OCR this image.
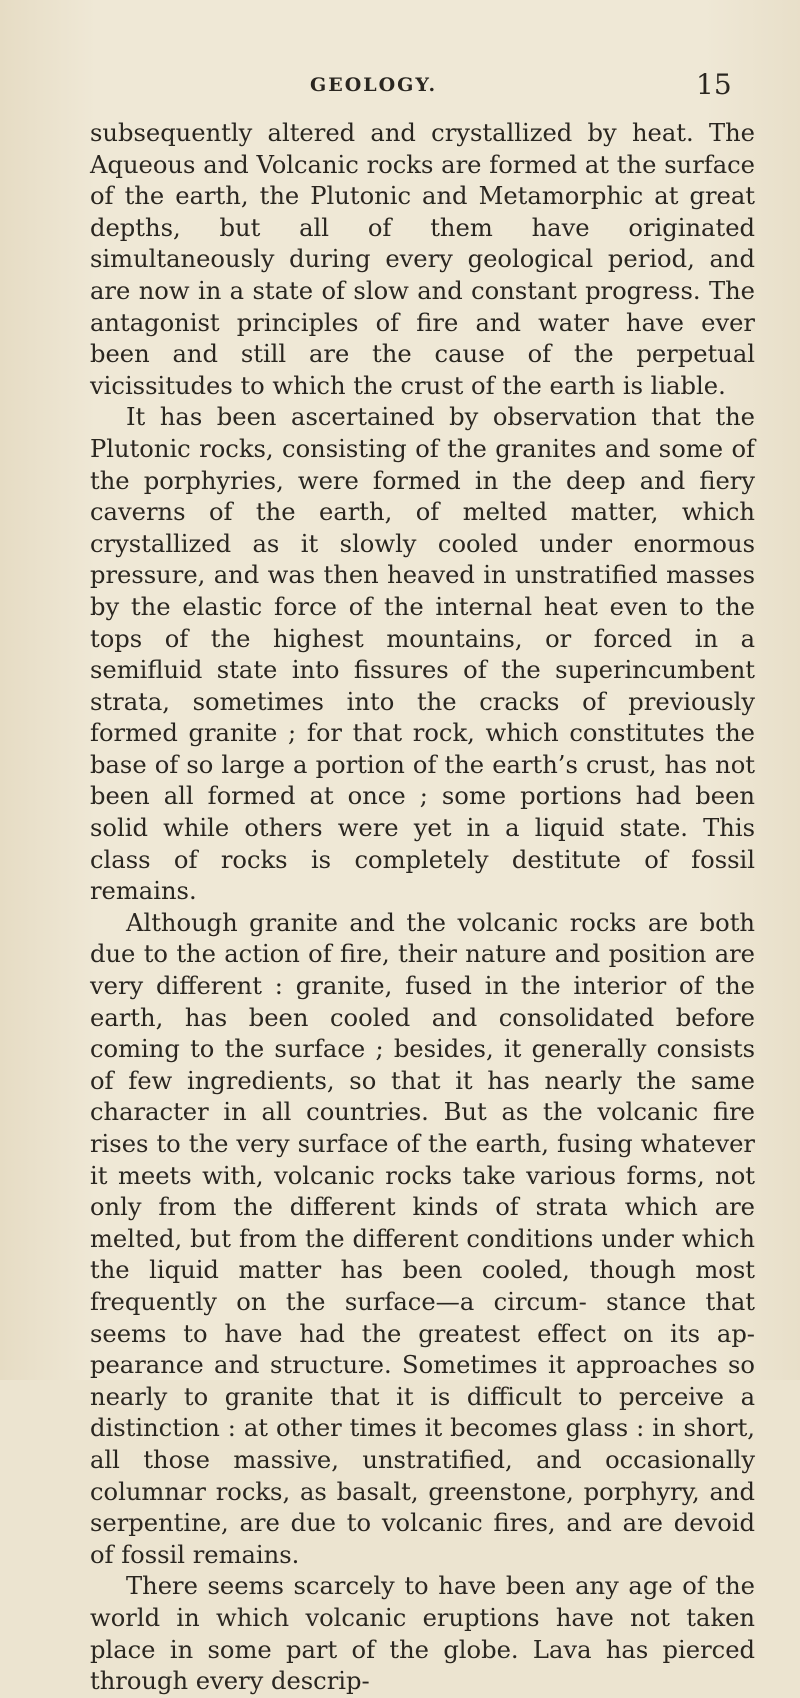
GEOLOGY.	15

subsequently altered and crystallized by heat. The Aqueous and Volcanic rocks are formed at the surface of the earth, the Plutonic and Metamorphic at great depths, but all of them have originated simultaneously during every geological period, and are now in a state of slow and constant progress. The antagonist principles of fire and water have ever been and still are the cause of the perpetual vicissitudes to which the crust of the earth is liable.

It has been ascertained by observation that the Plutonic rocks, consisting of the granites and some of the porphyries, were formed in the deep and fiery caverns of the earth, of melted matter, which crystallized as it slowly cooled under enormous pressure, and was then heaved in unstratified masses by the elastic force of the internal heat even to the tops of the highest mountains, or forced in a semifluid state into fissures of the superincumbent strata, sometimes into the cracks of previously formed granite ; for that rock, which constitutes the base of so large a portion of the earth’s crust, has not been all formed at once ; some portions had been solid while others were yet in a liquid state. This class of rocks is completely destitute of fossil remains.

Although granite and the volcanic rocks are both due to the action of fire, their nature and position are very different : granite, fused in the interior of the earth, has been cooled and consolidated before coming to the surface ; besides, it generally consists of few ingredients, so that it has nearly the same character in all countries. But as the volcanic fire rises to the very surface of the earth, fusing whatever it meets with, volcanic rocks take various forms, not only from the different kinds of strata which are melted, but from the different conditions under which the liquid matter has been cooled, though most frequently on the surface—a circum- stance that seems to have had the greatest effect on its ap- pearance and structure. Sometimes it approaches so nearly to granite that it is difficult to perceive a distinction : at other times it becomes glass : in short, all those massive, unstratified, and occasionally columnar rocks, as basalt, greenstone, porphyry, and serpentine, are due to volcanic fires, and are devoid of fossil remains.

There seems scarcely to have been any age of the world in which volcanic eruptions have not taken place in some part of the globe. Lava has pierced through every descrip-
